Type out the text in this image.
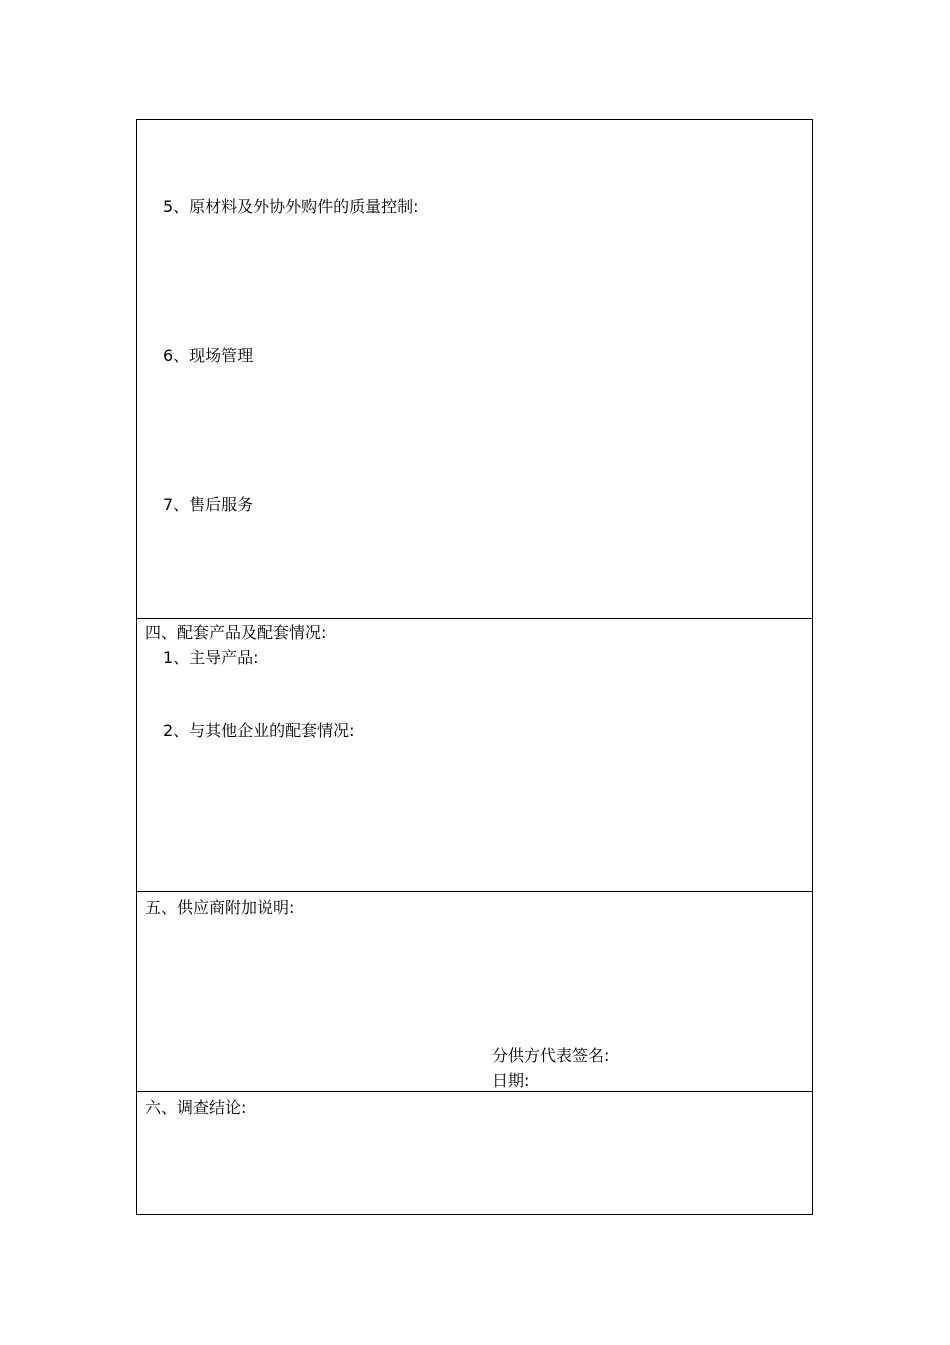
5、原材料及外协外购件的质量控制:
6、现场管理
7、售后服务
四、配套产品及配套情况:
1、主导产品:
2、与其他企业的配套情况:
五、供应商附加说明:
分供方代表签名:
日期:
六、调查结论:
